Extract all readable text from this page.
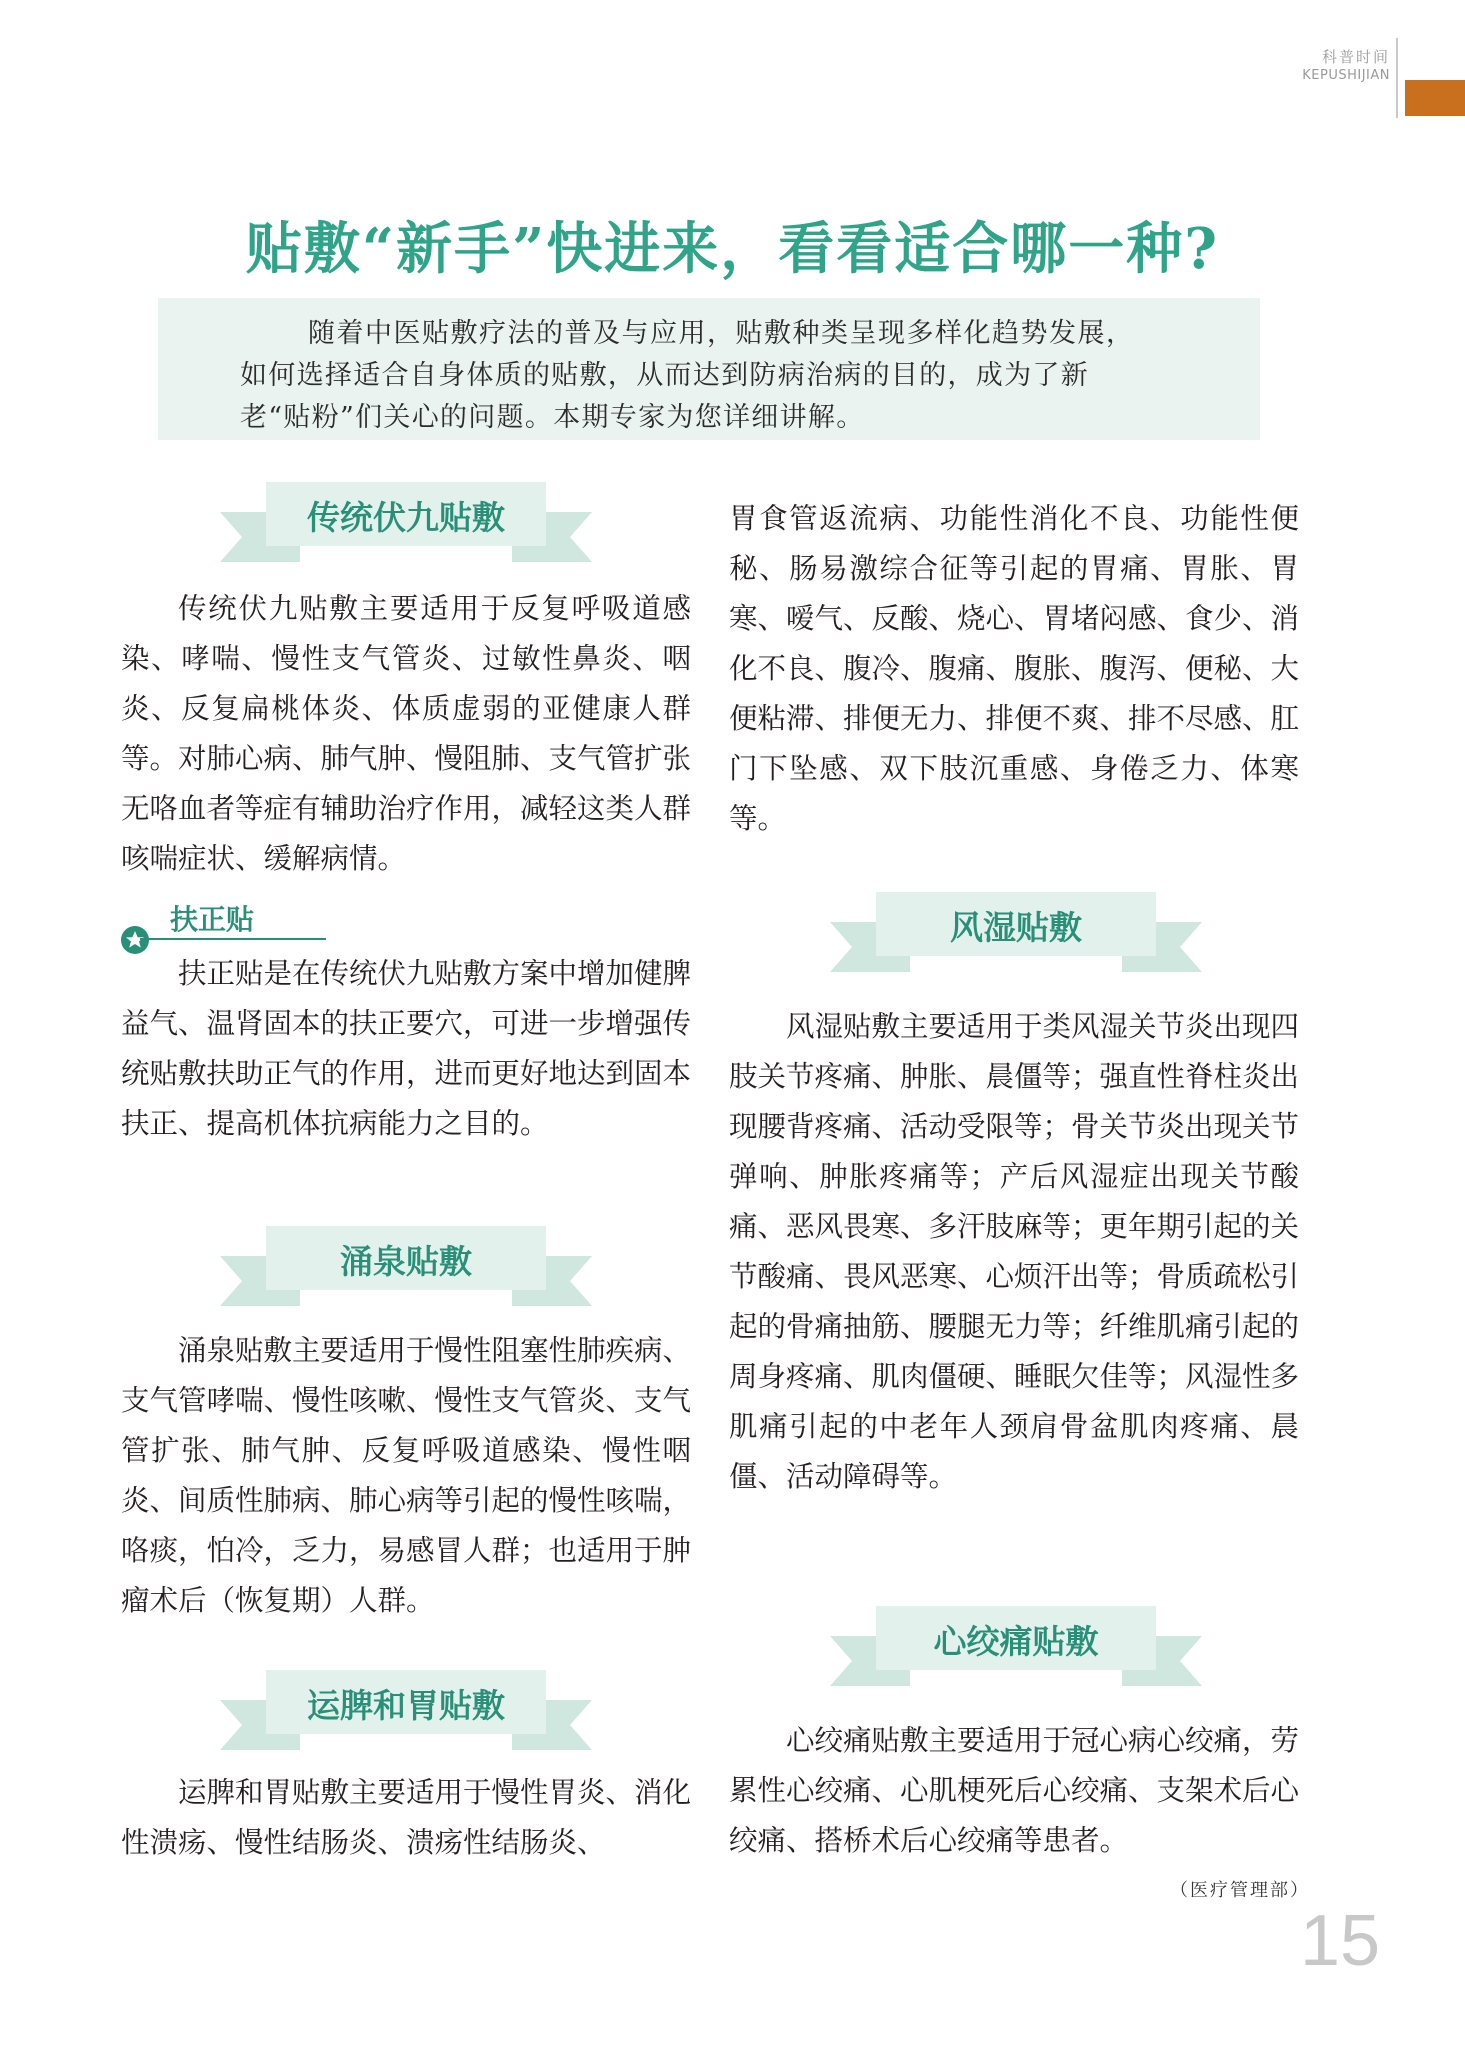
科普时间
KEPUSHIJIAN
贴敷“新手”快进来，看看适合哪一种?

随着中医贴敷疗法的普及与应用，贴敷种类呈现多样化趋势发展，

如何选择适合自身体质的贴敷，从而达到防病治病的目的，成为了新

老“贴粉”们关心的问题。本期专家为您详细讲解。

传统伏九贴敷

传统伏九贴敷主要适用于反复呼吸道感染、哮喘、慢性支气管炎、过敏性鼻炎、咽炎、反复扁桃体炎、体质虚弱的亚健康人群等。对肺心病、肺气肿、慢阻肺、支气管扩张无咯血者等症有辅助治疗作用，减轻这类人群咳喘症状、缓解病情。

扶正贴

扶正贴是在传统伏九贴敷方案中增加健脾益气、温肾固本的扶正要穴，可进一步增强传统贴敷扶助正气的作用，进而更好地达到固本扶正、提高机体抗病能力之目的。

涌泉贴敷

涌泉贴敷主要适用于慢性阻塞性肺疾病、支气管哮喘、慢性咳嗽、慢性支气管炎、支气管扩张、肺气肿、反复呼吸道感染、慢性咽炎、间质性肺病、肺心病等引起的慢性咳喘，咯痰，怕冷，乏力，易感冒人群；也适用于肿瘤术后（恢复期）人群。

运脾和胃贴敷

运脾和胃贴敷主要适用于慢性胃炎、消化性溃疡、慢性结肠炎、溃疡性结肠炎、

胃食管返流病、功能性消化不良、功能性便秘、肠易激综合征等引起的胃痛、胃胀、胃寒、嗳气、反酸、烧心、胃堵闷感、食少、消化不良、腹冷、腹痛、腹胀、腹泻、便秘、大便粘滞、排便无力、排便不爽、排不尽感、肛门下坠感、双下肢沉重感、身倦乏力、体寒等。

风湿贴敷

风湿贴敷主要适用于类风湿关节炎出现四肢关节疼痛、肿胀、晨僵等；强直性脊柱炎出现腰背疼痛、活动受限等；骨关节炎出现关节弹响、肿胀疼痛等；产后风湿症出现关节酸痛、恶风畏寒、多汗肢麻等；更年期引起的关节酸痛、畏风恶寒、心烦汗出等；骨质疏松引起的骨痛抽筋、腰腿无力等；纤维肌痛引起的周身疼痛、肌肉僵硬、睡眠欠佳等；风湿性多肌痛引起的中老年人颈肩骨盆肌肉疼痛、晨僵、活动障碍等。

心绞痛贴敷

心绞痛贴敷主要适用于冠心病心绞痛，劳累性心绞痛、心肌梗死后心绞痛、支架术后心绞痛、搭桥术后心绞痛等患者。

（医疗管理部）
15
